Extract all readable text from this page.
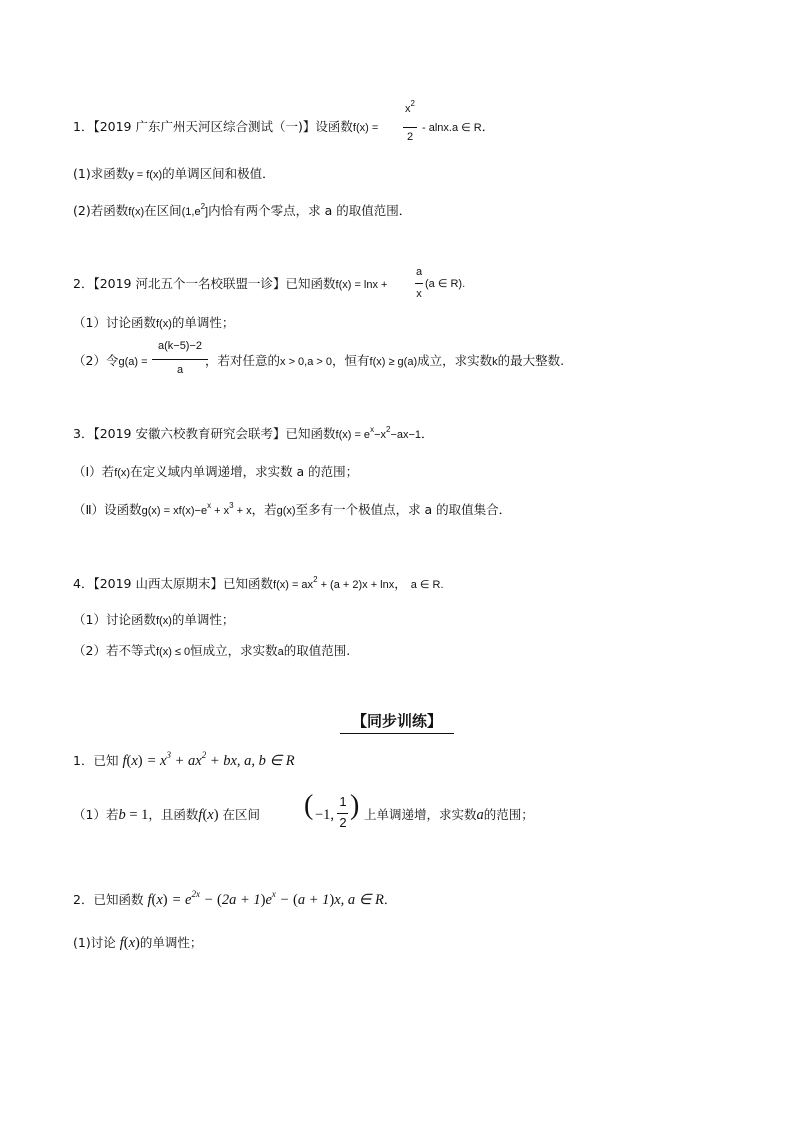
1．【2019 广东广州天河区综合测试（一)】设函数f(x) =
$x^2$
2
- alnx.a ∈ R．
(1)求函数y = f(x)的单调区间和极值．
(2)若函数f(x)在区间$(1,e^2]$内恰有两个零点，求 a 的取值范围．
2．【2019 河北五个一名校联盟一诊】已知函数f(x) = lnx +
a
x
(a ∈ R).
（1）讨论函数f(x)的单调性；
（2）令g(a) =
a(k−5)−2
a
，若对任意的x > 0,a > 0，恒有f(x) ≥ g(a)成立，求实数k的最大整数.
3．【2019 安徽六校教育研究会联考】已知函数$f(x) = e^x-x^2-ax-1$．
（Ⅰ）若f(x)在定义域内单调递增，求实数 a 的范围；
（Ⅱ）设函数$g(x) = xf(x)-e^x + x^3 + x$，若g(x)至多有一个极值点，求 a 的取值集合．
4．【2019 山西太原期末】已知函数$f(x) = ax^2 + (a + 2)x + \ln x$， a ∈ R.
（1）讨论函数f(x)的单调性；
（2）若不等式f(x) ≤ 0恒成立，求实数a的取值范围.
【同步训练】
1．已知 $f(x) = x^3 + ax^2$ + bx, a, b ∈ R
（1）若b = 1，且函数f(x) 在区间 ( −1,
1
2
) 上单调递增，求实数a的范围；
2．已知函数 $f(x) = e^{2x} - (2a + 1)e^x - (a + 1)x$, a ∈ R．
(1)讨论 f(x)的单调性；
